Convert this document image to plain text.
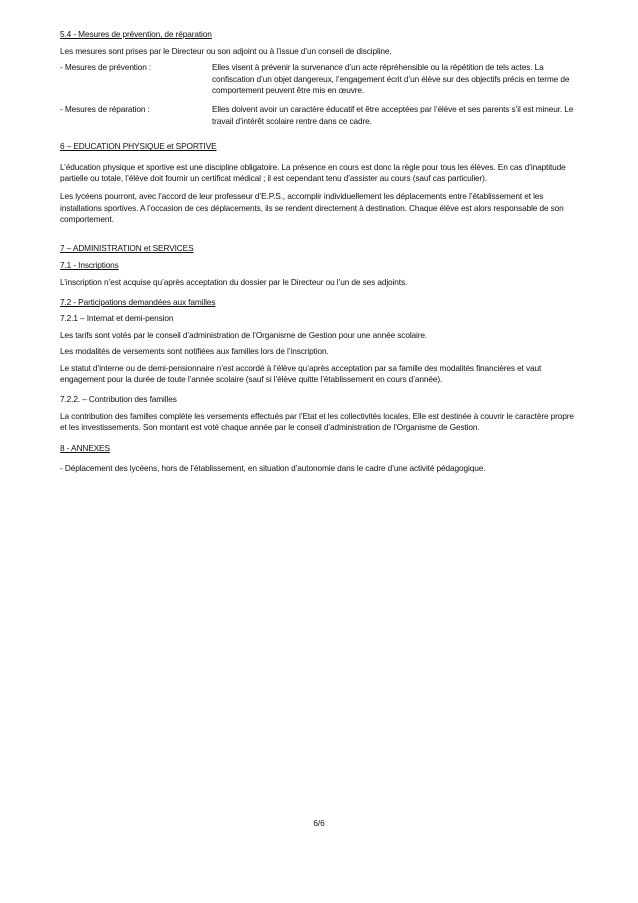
5.4 - Mesures de prévention, de réparation
Les mesures sont prises par le Directeur ou son adjoint ou à l’issue d’un conseil de discipline.
- Mesures de prévention :	Elles visent à prévenir la survenance d’un acte répréhensible ou la répétition de tels actes. La confiscation d’un objet dangereux, l’engagement écrit d’un élève sur des objectifs précis en terme de comportement peuvent être mis en œuvre.
- Mesures de réparation :	Elles doivent avoir un caractère éducatif et être acceptées par l’élève et ses parents s’il est mineur. Le travail d’intérêt scolaire rentre dans ce cadre.
6 – EDUCATION PHYSIQUE et SPORTIVE
L’éducation physique et sportive est une discipline obligatoire. La présence en cours est donc la règle pour tous les élèves. En cas d’inaptitude partielle ou totale, l’élève doit fournir un certificat médical ; il est cependant tenu d’assister au cours (sauf cas particulier).
Les lycéens pourront, avec l’accord de leur professeur d’E.P.S., accomplir individuellement les déplacements entre l’établissement et les installations sportives. A l’occasion de ces déplacements, ils se rendent directement à destination. Chaque élève est alors responsable de son comportement.
7 – ADMINISTRATION et SERVICES
7.1 - Inscriptions
L’inscription n’est acquise qu’après acceptation du dossier par le Directeur ou l’un de ses adjoints.
7.2 - Participations demandées aux familles
7.2.1 – Internat et demi-pension
Les tarifs sont votés par le conseil d’administration de l’Organisme de Gestion pour une année scolaire.
Les modalités de versements sont notifiées aux familles lors de l’inscription.
Le statut d’interne ou de demi-pensionnaire n’est accordé à l’élève qu’après acceptation par sa famille des modalités financières et vaut engagement pour la durée de toute l’année scolaire (sauf si l’élève quitte l’établissement en cours d’année).
7.2.2. – Contribution des familles
La contribution des familles complète les versements effectués par l’Etat et les collectivités locales. Elle est destinée à couvrir le caractère propre et les investissements. Son montant est voté chaque année par le conseil d’administration de l’Organisme de Gestion.
8 - ANNEXES
- Déplacement des lycéens, hors de l’établissement, en situation d’autonomie dans le cadre d’une activité pédagogique.
6/6
